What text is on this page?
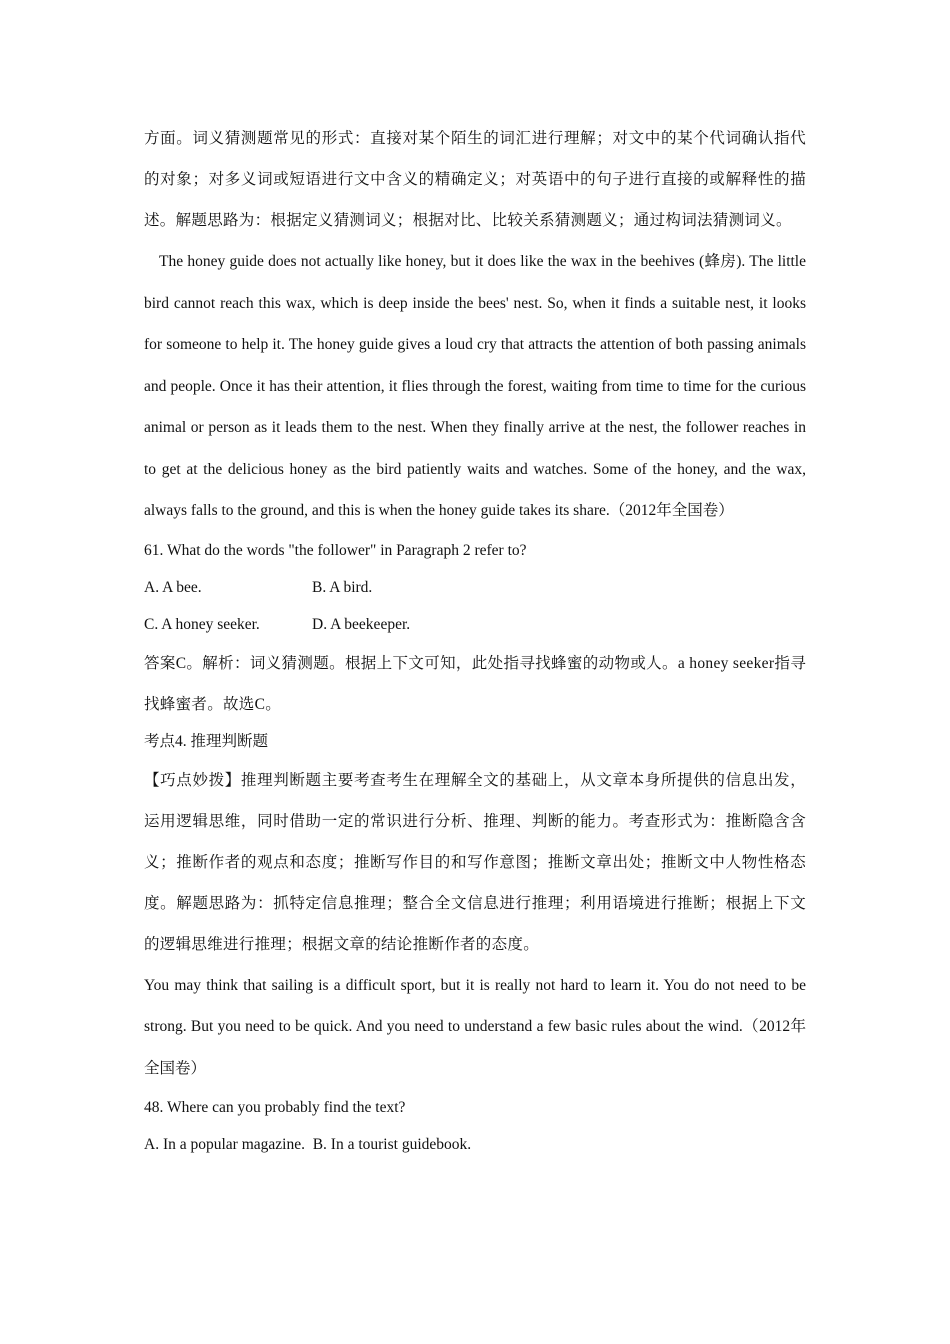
方面。词义猜测题常见的形式：直接对某个陌生的词汇进行理解；对文中的某个代词确认指代的对象；对多义词或短语进行文中含义的精确定义；对英语中的句子进行直接的或解释性的描述。解题思路为：根据定义猜测词义；根据对比、比较关系猜测题义；通过构词法猜测词义。

The honey guide does not actually like honey, but it does like the wax in the beehives (蜂房). The little bird cannot reach this wax, which is deep inside the bees' nest. So, when it finds a suitable nest, it looks for someone to help it. The honey guide gives a loud cry that attracts the attention of both passing animals and people. Once it has their attention, it flies through the forest, waiting from time to time for the curious animal or person as it leads them to the nest. When they finally arrive at the nest, the follower reaches in to get at the delicious honey as the bird patiently waits and watches. Some of the honey, and the wax, always falls to the ground, and this is when the honey guide takes its share.（2012年全国卷）

61. What do the words "the follower" in Paragraph 2 refer to?

A. A bee.	B. A bird.
C. A honey seeker.	D. A beekeeper.

答案C。解析：词义猜测题。根据上下文可知，此处指寻找蜂蜜的动物或人。a honey seeker指寻找蜂蜜者。故选C。

考点4. 推理判断题

【巧点妙拨】推理判断题主要考查考生在理解全文的基础上，从文章本身所提供的信息出发，运用逻辑思维，同时借助一定的常识进行分析、推理、判断的能力。考查形式为：推断隐含含义；推断作者的观点和态度；推断写作目的和写作意图；推断文章出处；推断文中人物性格态度。解题思路为：抓特定信息推理；整合全文信息进行推理；利用语境进行推断；根据上下文的逻辑思维进行推理；根据文章的结论推断作者的态度。

You may think that sailing is a difficult sport, but it is really not hard to learn it. You do not need to be strong. But you need to be quick. And you need to understand a few basic rules about the wind.（2012年全国卷）

48. Where can you probably find the text?

A. In a popular magazine.  B. In a tourist guidebook.
